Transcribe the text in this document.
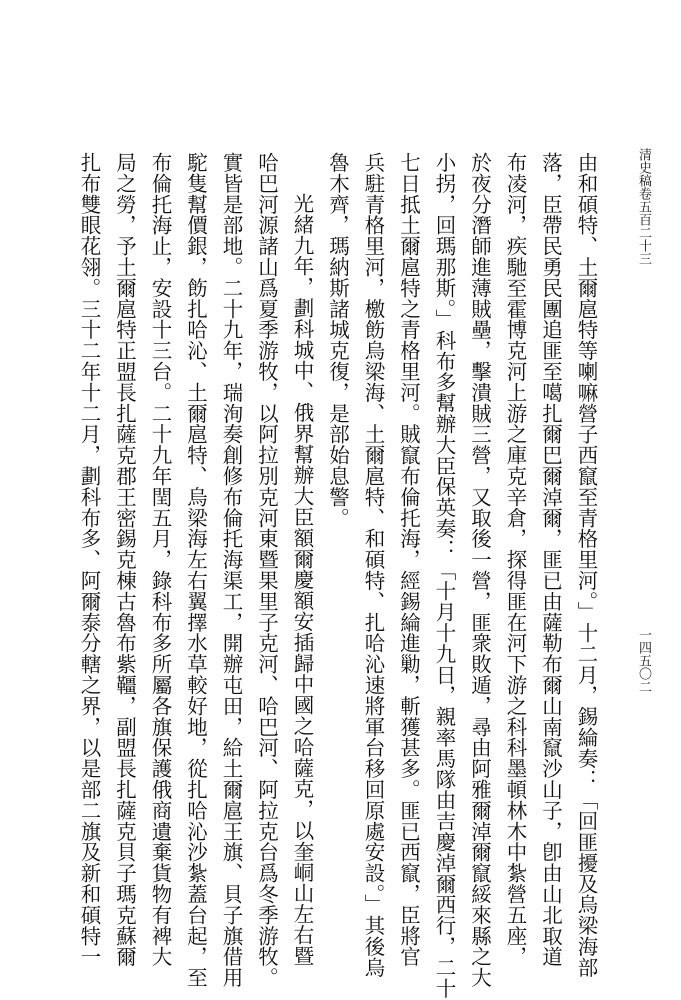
清史稿卷五百二十三
一四五〇二
由和碩特、土爾扈特等喇嘛營子西竄至青格里河。」十二月，錫綸奏：「回匪擾及烏梁海部
落，臣帶民勇民團追匪至噶扎爾巴爾淖爾，匪已由薩勒布爾山南竄沙山子，卽由山北取道
布凌河，疾馳至霍博克河上游之庫克辛倉，探得匪在河下游之科科墨頓林木中紮營五座，
於夜分潛師進薄賊壘，擊潰賊三營，又取後一營，匪衆敗遁，尋由阿雅爾淖爾竄綏來縣之大
小拐，回瑪那斯。」科布多幫辦大臣保英奏：「十月十九日，親率馬隊由吉慶淖爾西行，二十
七日抵土爾扈特之青格里河。賊竄布倫托海，經錫綸進勦，斬獲甚多。匪已西竄，臣將官
兵駐青格里河，檄飭烏梁海、土爾扈特、和碩特、扎哈沁速將軍台移回原處安設。」其後烏
魯木齊，瑪納斯諸城克復，是部始息警。
光緒九年，劃科城中、俄界幫辦大臣額爾慶額安插歸中國之哈薩克，以奎峒山左右暨
哈巴河源諸山爲夏季游牧，以阿拉別克河東暨果里子克河、哈巴河、阿拉克台爲冬季游牧。
實皆是部地。二十九年，瑞洵奏創修布倫托海渠工，開辦屯田，給土爾扈王旗、貝子旗借用
駝隻幫價銀，飭扎哈沁、土爾扈特、烏梁海左右翼擇水草較好地，從扎哈沁沙紮蓋台起，至
布倫托海止，安設十三台。二十九年閏五月，錄科布多所屬各旗保護俄商遺棄貨物有裨大
局之勞，予土爾扈特正盟長扎薩克郡王密錫克棟古魯布紫韁，副盟長扎薩克貝子瑪克蘇爾
扎布雙眼花翎。三十二年十二月，劃科布多、阿爾泰分轄之界，以是部二旗及新和碩特一
